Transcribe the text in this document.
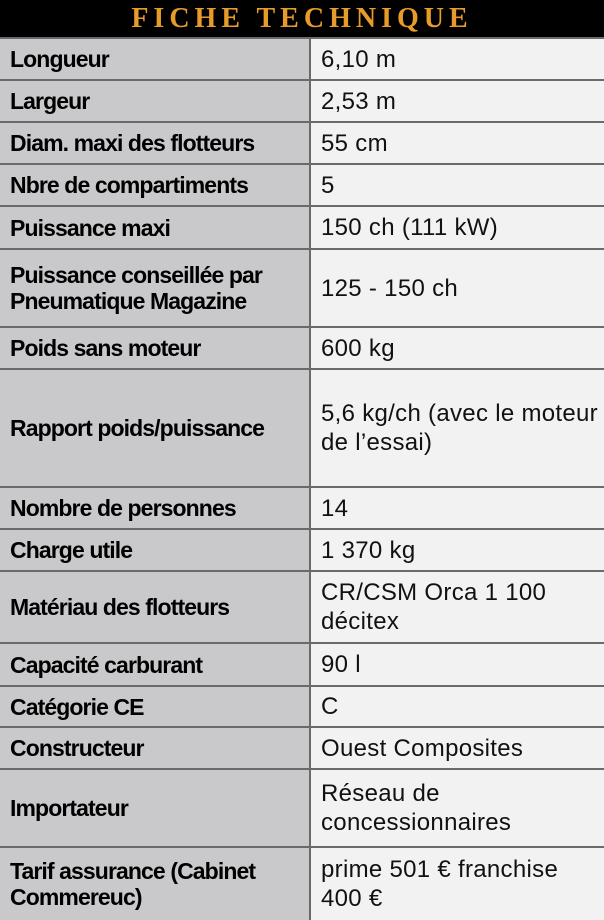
FICHE TECHNIQUE
Longueur	6,10 m
Largeur	2,53 m
Diam. maxi des flotteurs	55 cm
Nbre de compartiments	5
Puissance maxi	150 ch (111 kW)
Puissance conseillée par Pneumatique Magazine	125 - 150 ch
Poids sans moteur	600 kg
Rapport poids/puissance	5,6 kg/ch (avec le moteur de l’essai)
Nombre de personnes	14
Charge utile	1 370 kg
Matériau des flotteurs	CR/CSM Orca 1 100 décitex
Capacité carburant	90 l
Catégorie CE	C
Constructeur	Ouest Composites
Importateur	Réseau de concessionnaires
Tarif assurance (Cabinet Commereuc)	prime 501 € franchise 400 €
